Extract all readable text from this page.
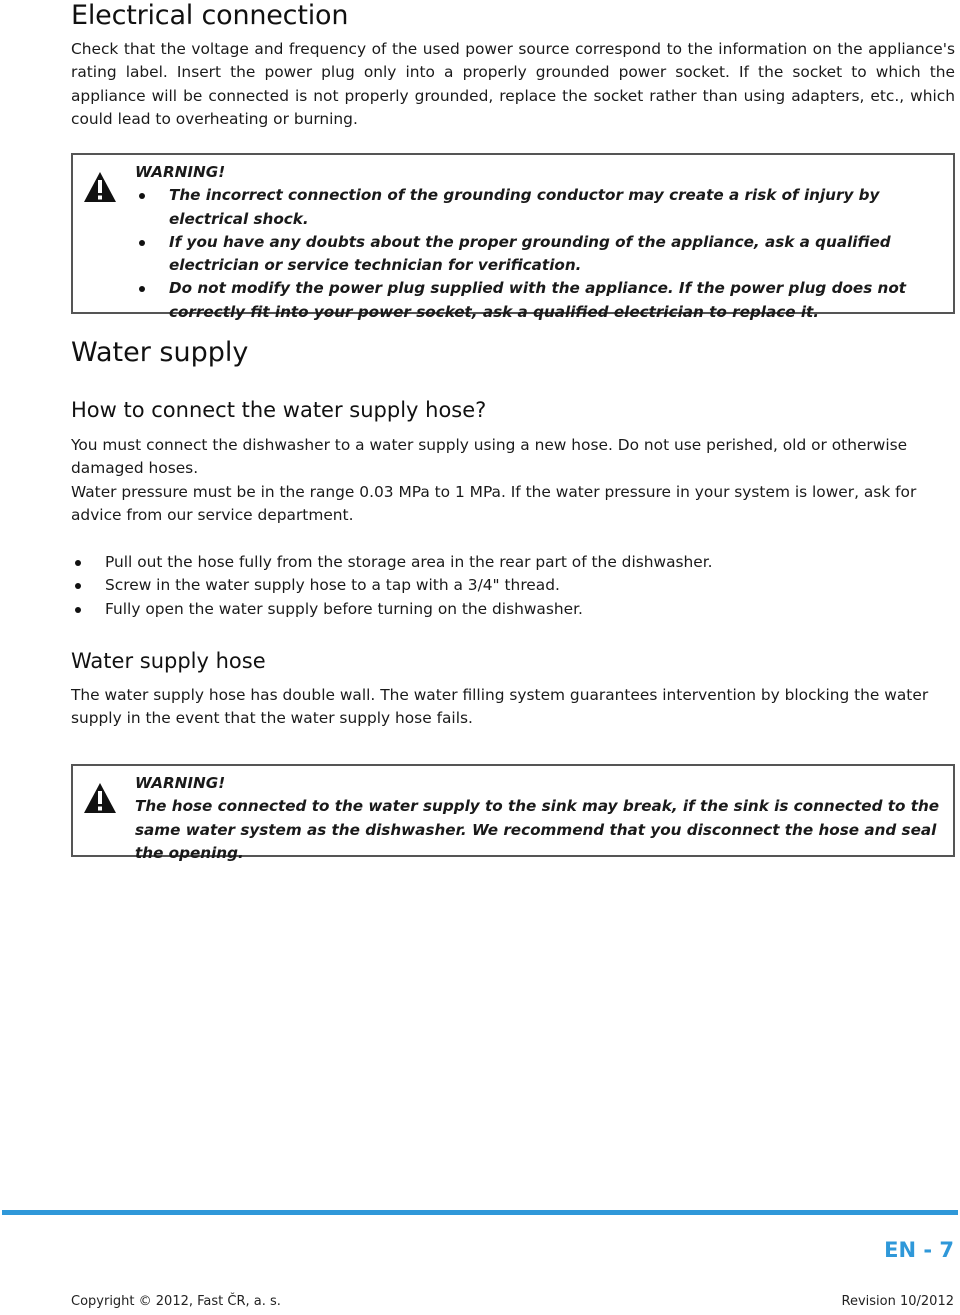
Electrical connection

Check that the voltage and frequency of the used power source correspond to the information on the appliance's rating label. Insert the power plug only into a properly grounded power socket. If the socket to which the appliance will be connected is not properly grounded, replace the socket rather than using adapters, etc., which could lead to overheating or burning.

WARNING!
The incorrect connection of the grounding conductor may create a risk of injury by electrical shock.
If you have any doubts about the proper grounding of the appliance, ask a qualified electrician or service technician for verification.
Do not modify the power plug supplied with the appliance. If the power plug does not correctly fit into your power socket, ask a qualified electrician to replace it.
Water supply
How to connect the water supply hose?

You must connect the dishwasher to a water supply using a new hose. Do not use perished, old or otherwise damaged hoses.

Water pressure must be in the range 0.03 MPa to 1 MPa. If the water pressure in your system is lower, ask for advice from our service department.

Pull out the hose fully from the storage area in the rear part of the dishwasher.
Screw in the water supply hose to a tap with a 3/4" thread.
Fully open the water supply before turning on the dishwasher.
Water supply hose

The water supply hose has double wall. The water filling system guarantees intervention by blocking the water supply in the event that the water supply hose fails.

WARNING!
The hose connected to the water supply to the sink may break, if the sink is connected to the same water system as the dishwasher. We recommend that you disconnect the hose and seal the opening.
EN - 7
Copyright © 2012, Fast ČR, a. s.	Revision 10/2012
